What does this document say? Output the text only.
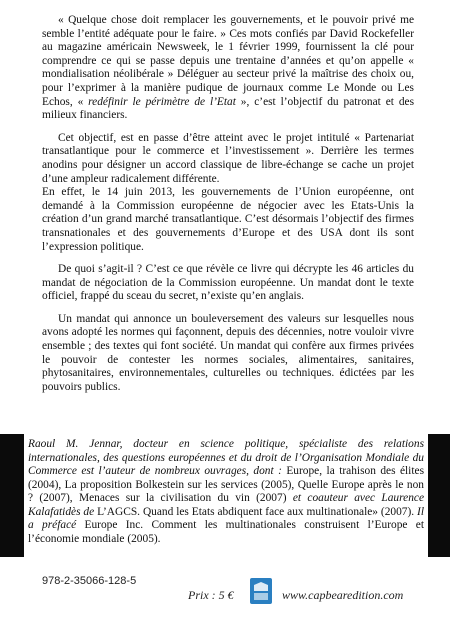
« Quelque chose doit remplacer les gouvernements, et le pouvoir privé me semble l’entité adéquate pour le faire. » Ces mots confiés par David Rockefeller au magazine américain Newsweek, le 1 février 1999, fournissent la clé pour comprendre ce qui se passe depuis une trentaine d’années et qu’on appelle « mondialisation néolibérale » Déléguer au secteur privé la maîtrise des choix ou, pour l’exprimer à la manière pudique de journaux comme Le Monde ou Les Echos, « redéfinir le périmètre de l’Etat », c’est l’objectif du patronat et des milieux financiers.

Cet objectif, est en passe d’être atteint avec le projet intitulé « Partenariat transatlantique pour le commerce et l’investissement ». Derrière les termes anodins pour désigner un accord classique de libre-échange se cache un projet d’une ampleur radicalement différente.

En effet, le 14 juin 2013, les gouvernements de l’Union européenne, ont demandé à la Commission européenne de négocier avec les Etats-Unis la création d’un grand marché transatlantique. C’est désormais l’objectif des firmes transnationales et des gouvernements d’Europe et des USA dont ils sont l’expression politique.

De quoi s’agit-il ? C’est ce que révèle ce livre qui décrypte les 46 articles du mandat de négociation de la Commission européenne. Un mandat dont le texte officiel, frappé du sceau du secret, n’existe qu’en anglais.

Un mandat qui annonce un bouleversement des valeurs sur lesquelles nous avons adopté les normes qui façonnent, depuis des décennies, notre vouloir vivre ensemble ; des textes qui font société. Un mandat qui confère aux firmes privées le pouvoir de contester les normes sociales, alimentaires, sanitaires, phytosanitaires, environnementales, culturelles ou techniques. édictées par les pouvoirs publics.

Raoul M. Jennar, docteur en science politique, spécialiste des relations internationales, des questions européennes et du droit de l’Organisation Mondiale du Commerce est l’auteur de nombreux ouvrages, dont : Europe, la trahison des élites (2004), La proposition Bolkestein sur les services (2005), Quelle Europe après le non ? (2007), Menaces sur la civilisation du vin (2007) et coauteur avec Laurence Kalafatidès de L’AGCS. Quand les Etats abdiquent face aux multinationale» (2007). Il a préfacé Europe Inc. Comment les multinationales construisent l’Europe et l’économie mondiale (2005).
978-2-35066-128-5
Prix : 5 €	www.capbearedition.com
